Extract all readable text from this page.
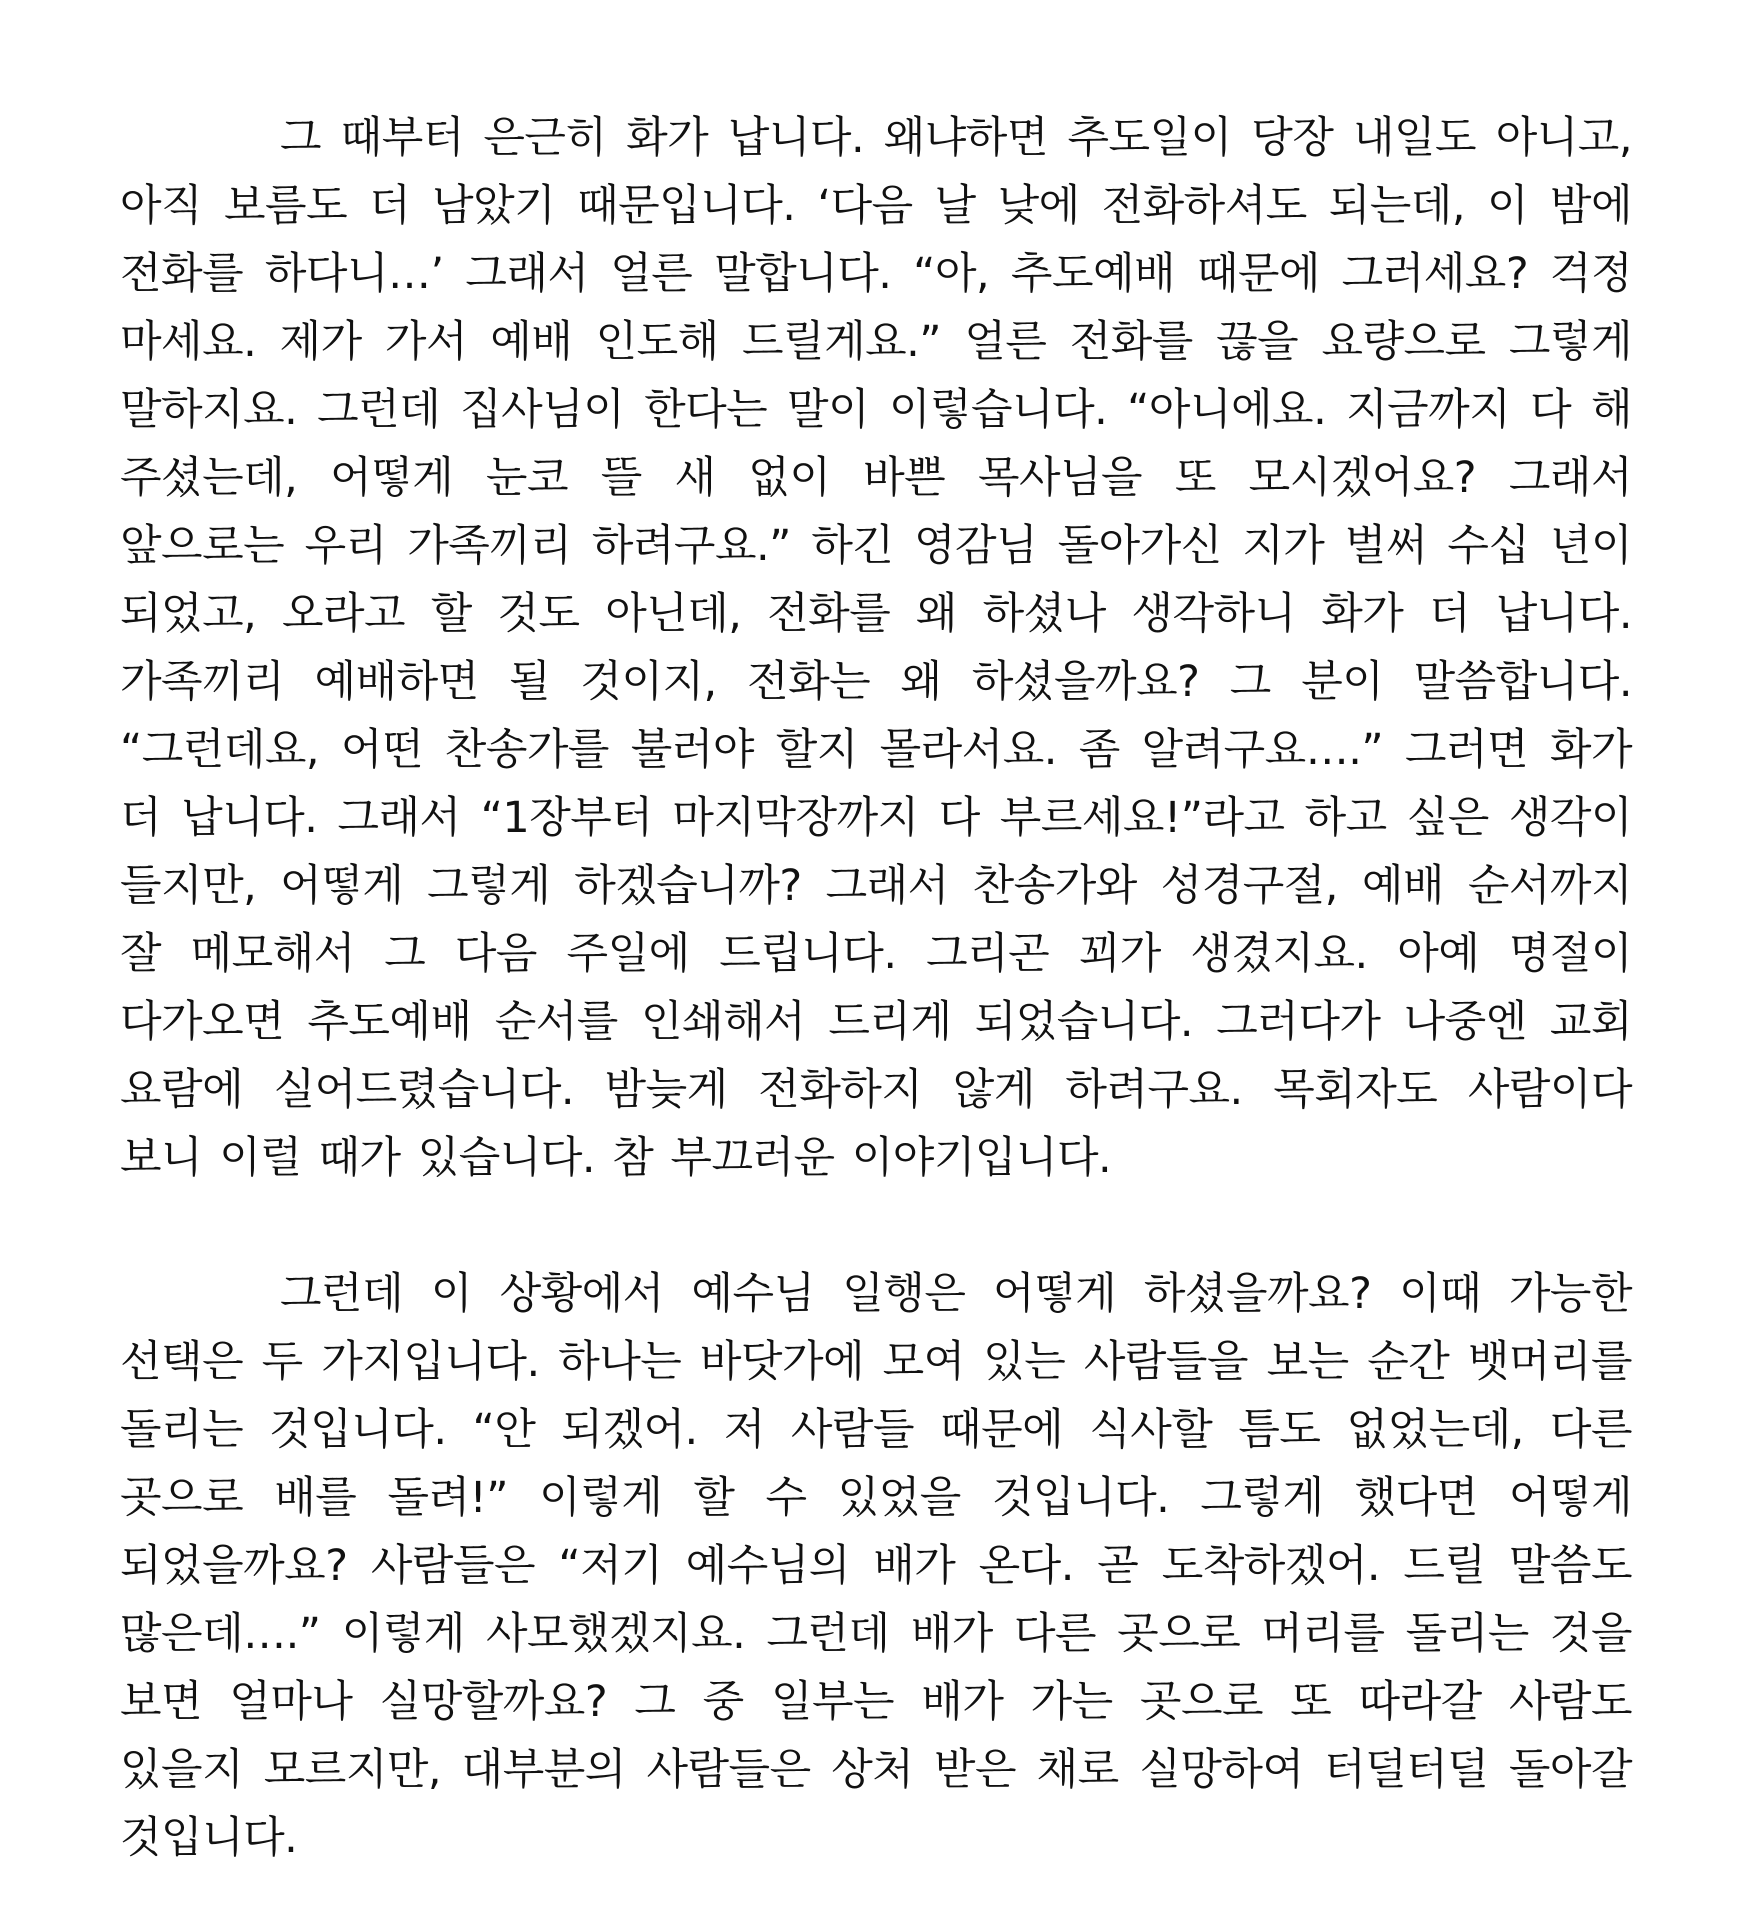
그 때부터 은근히 화가 납니다. 왜냐하면 추도일이 당장 내일도 아니고, 아직 보름도 더 남았기 때문입니다. ‘다음 날 낮에 전화하셔도 되는데, 이 밤에 전화를 하다니…’ 그래서 얼른 말합니다. “아, 추도예배 때문에 그러세요? 걱정 마세요. 제가 가서 예배 인도해 드릴게요.” 얼른 전화를 끊을 요량으로 그렇게 말하지요. 그런데 집사님이 한다는 말이 이렇습니다. “아니에요. 지금까지 다 해 주셨는데, 어떻게 눈코 뜰 새 없이 바쁜 목사님을 또 모시겠어요? 그래서 앞으로는 우리 가족끼리 하려구요.” 하긴 영감님 돌아가신 지가 벌써 수십 년이 되었고, 오라고 할 것도 아닌데, 전화를 왜 하셨나 생각하니 화가 더 납니다. 가족끼리 예배하면 될 것이지, 전화는 왜 하셨을까요? 그 분이 말씀합니다. “그런데요, 어떤 찬송가를 불러야 할지 몰라서요. 좀 알려구요….” 그러면 화가 더 납니다. 그래서 “1장부터 마지막장까지 다 부르세요!”라고 하고 싶은 생각이 들지만, 어떻게 그렇게 하겠습니까? 그래서 찬송가와 성경구절, 예배 순서까지 잘 메모해서 그 다음 주일에 드립니다. 그리곤 꾀가 생겼지요. 아예 명절이 다가오면 추도예배 순서를 인쇄해서 드리게 되었습니다. 그러다가 나중엔 교회 요람에 실어드렸습니다. 밤늦게 전화하지 않게 하려구요. 목회자도 사람이다 보니 이럴 때가 있습니다. 참 부끄러운 이야기입니다.

그런데 이 상황에서 예수님 일행은 어떻게 하셨을까요? 이때 가능한 선택은 두 가지입니다. 하나는 바닷가에 모여 있는 사람들을 보는 순간 뱃머리를 돌리는 것입니다. “안 되겠어. 저 사람들 때문에 식사할 틈도 없었는데, 다른 곳으로 배를 돌려!” 이렇게 할 수 있었을 것입니다. 그렇게 했다면 어떻게 되었을까요? 사람들은 “저기 예수님의 배가 온다. 곧 도착하겠어. 드릴 말씀도 많은데….” 이렇게 사모했겠지요. 그런데 배가 다른 곳으로 머리를 돌리는 것을 보면 얼마나 실망할까요? 그 중 일부는 배가 가는 곳으로 또 따라갈 사람도 있을지 모르지만, 대부분의 사람들은 상처 받은 채로 실망하여 터덜터덜 돌아갈 것입니다.
